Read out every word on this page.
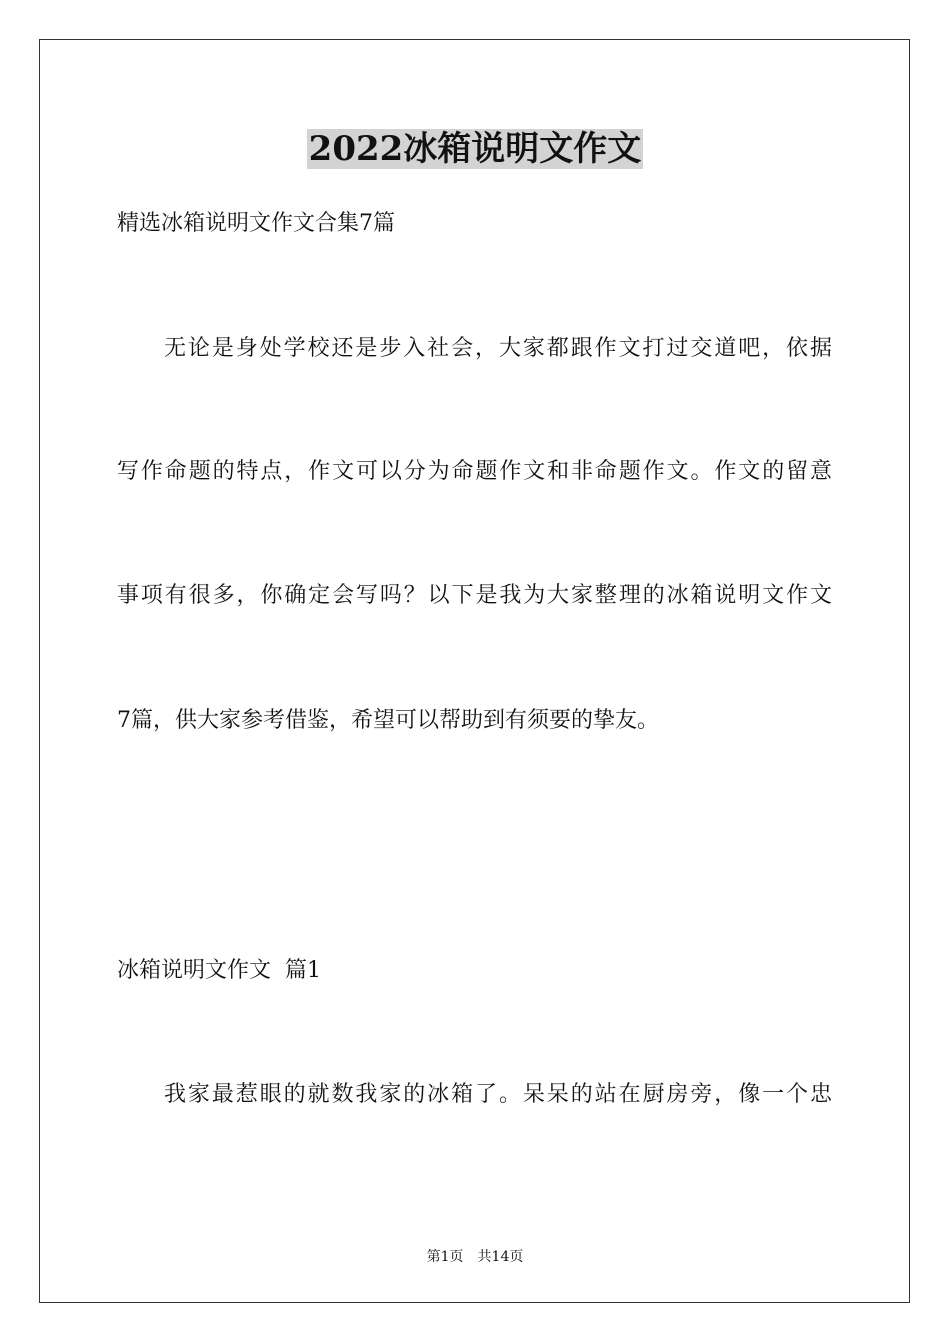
2022冰箱说明文作文
精选冰箱说明文作文合集7篇
无论是身处学校还是步入社会，大家都跟作文打过交道吧，依据
写作命题的特点，作文可以分为命题作文和非命题作文。作文的留意
事项有很多，你确定会写吗？以下是我为大家整理的冰箱说明文作文
7篇，供大家参考借鉴，希望可以帮助到有须要的挚友。
冰箱说明文作文  篇1
我家最惹眼的就数我家的冰箱了。呆呆的站在厨房旁，像一个忠
第1页 共14页
